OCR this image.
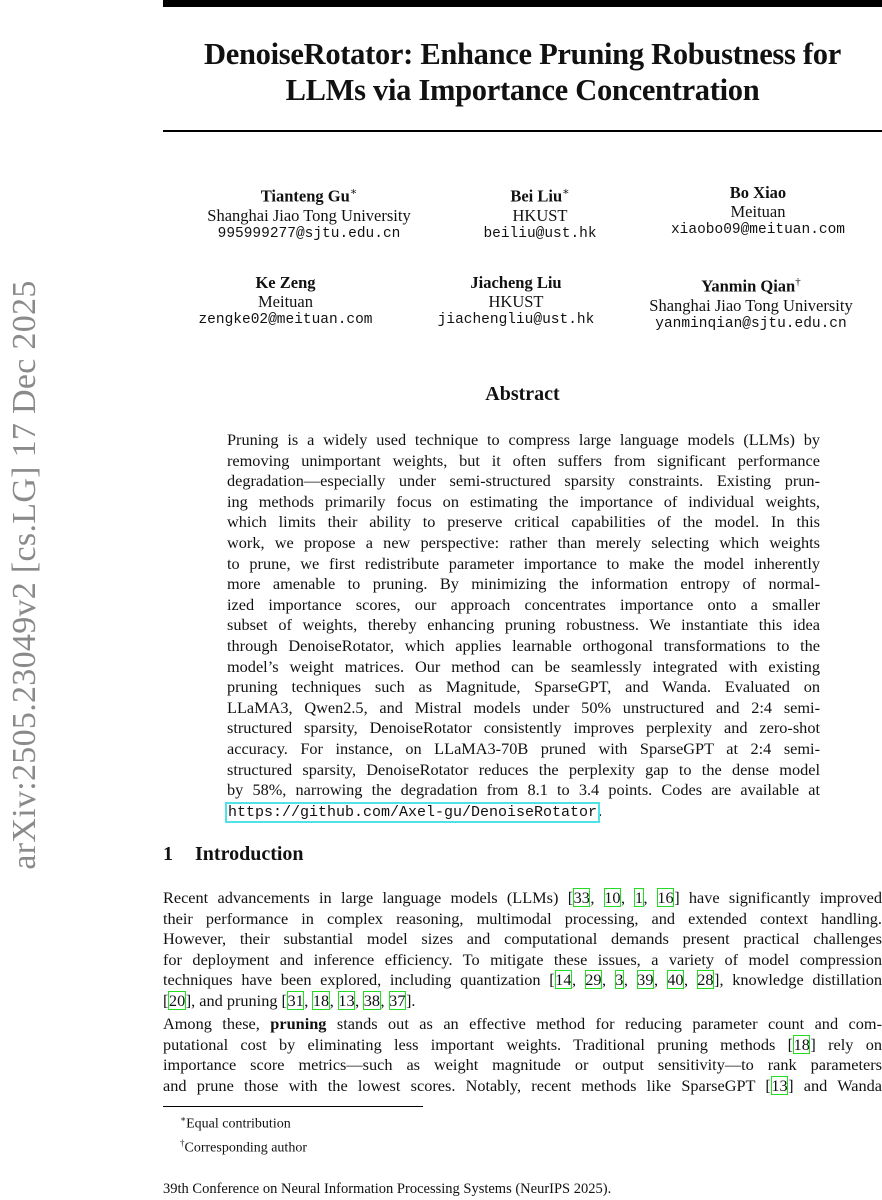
arXiv:2505.23049v2 [cs.LG] 17 Dec 2025
DenoiseRotator: Enhance Pruning Robustness for
LLMs via Importance Concentration
Tianteng Gu∗
Shanghai Jiao Tong University
995999277@sjtu.edu.cn
Bei Liu∗
HKUST
beiliu@ust.hk
Bo Xiao
Meituan
xiaobo09@meituan.com
Ke Zeng
Meituan
zengke02@meituan.com
Jiacheng Liu
HKUST
jiachengliu@ust.hk
Yanmin Qian†
Shanghai Jiao Tong University
yanminqian@sjtu.edu.cn
Abstract
Pruning is a widely used technique to compress large language models (LLMs) by
removing unimportant weights, but it often suffers from significant performance
degradation—especially under semi-structured sparsity constraints. Existing prun-
ing methods primarily focus on estimating the importance of individual weights,
which limits their ability to preserve critical capabilities of the model. In this
work, we propose a new perspective: rather than merely selecting which weights
to prune, we first redistribute parameter importance to make the model inherently
more amenable to pruning. By minimizing the information entropy of normal-
ized importance scores, our approach concentrates importance onto a smaller
subset of weights, thereby enhancing pruning robustness. We instantiate this idea
through DenoiseRotator, which applies learnable orthogonal transformations to the
model’s weight matrices. Our method can be seamlessly integrated with existing
pruning techniques such as Magnitude, SparseGPT, and Wanda. Evaluated on
LLaMA3, Qwen2.5, and Mistral models under 50% unstructured and 2:4 semi-
structured sparsity, DenoiseRotator consistently improves perplexity and zero-shot
accuracy. For instance, on LLaMA3-70B pruned with SparseGPT at 2:4 semi-
structured sparsity, DenoiseRotator reduces the perplexity gap to the dense model
by 58%, narrowing the degradation from 8.1 to 3.4 points. Codes are available at
https://github.com/Axel-gu/DenoiseRotator.
1 Introduction
Recent advancements in large language models (LLMs) [33, 10, 1, 16] have significantly improved
their performance in complex reasoning, multimodal processing, and extended context handling.
However, their substantial model sizes and computational demands present practical challenges
for deployment and inference efficiency. To mitigate these issues, a variety of model compression
techniques have been explored, including quantization [14, 29, 3, 39, 40, 28], knowledge distillation
[20], and pruning [31, 18, 13, 38, 37].
Among these, pruning stands out as an effective method for reducing parameter count and com-
putational cost by eliminating less important weights. Traditional pruning methods [18] rely on
importance score metrics—such as weight magnitude or output sensitivity—to rank parameters
and prune those with the lowest scores. Notably, recent methods like SparseGPT [13] and Wanda
∗Equal contribution
†Corresponding author
39th Conference on Neural Information Processing Systems (NeurIPS 2025).
